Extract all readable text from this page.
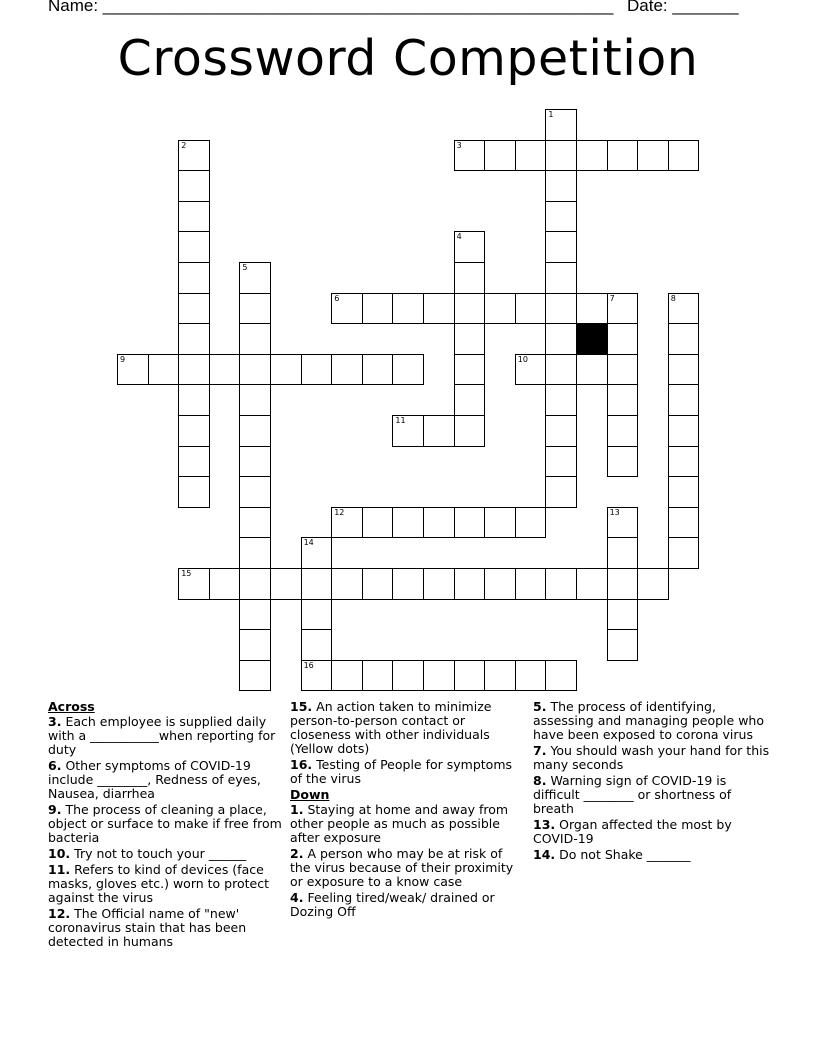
Name: ______________________________________________________ Date: _______
Crossword Competition
1
2	3
4
5
6	7	8
9	10
11
12	13
14
16
15
Across
3. Each employee is supplied daily with a ___________when reporting for duty
6. Other symptoms of COVID-19 include ________, Redness of eyes, Nausea, diarrhea
9. The process of cleaning a place, object or surface to make if free from bacteria
10. Try not to touch your ______
11. Refers to kind of devices (face masks, gloves etc.) worn to protect against the virus
12. The Official name of "new' coronavirus stain that has been detected in humans
15. An action taken to minimize person-to-person contact or closeness with other individuals (Yellow dots)
16. Testing of People for symptoms of the virus
Down
1. Staying at home and away from other people as much as possible after exposure
2. A person who may be at risk of the virus because of their proximity or exposure to a know case
4. Feeling tired/weak/ drained or Dozing Off
5. The process of identifying, assessing and managing people who have been exposed to corona virus
7. You should wash your hand for this many seconds
8. Warning sign of COVID-19 is difficult ________ or shortness of breath
13. Organ affected the most by COVID-19
14. Do not Shake _______
